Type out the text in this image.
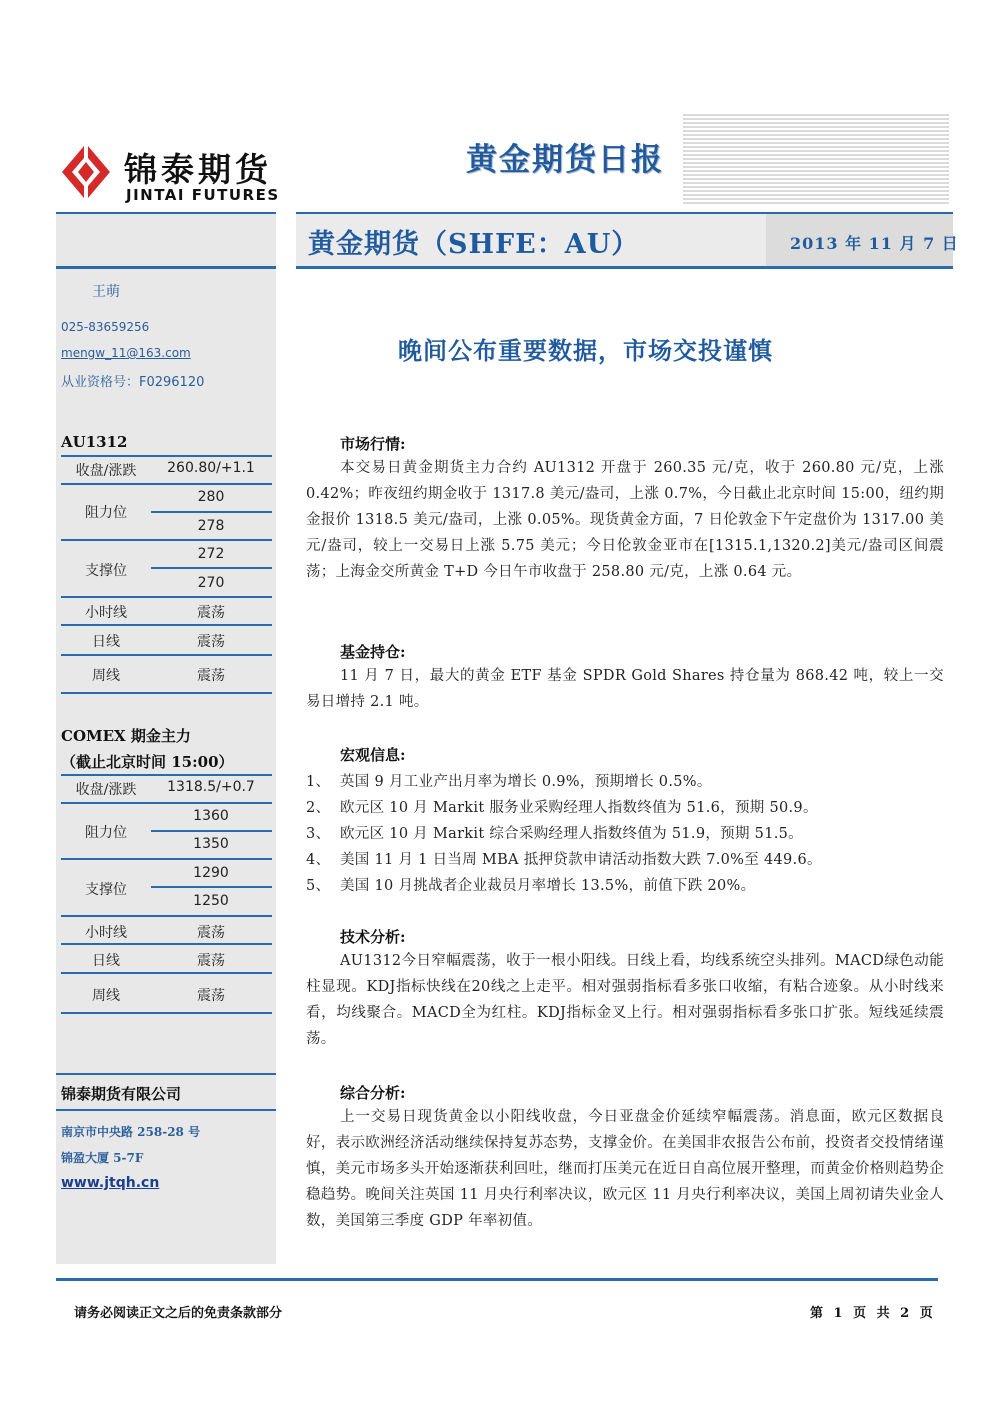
锦泰期货
JINTAI FUTURES
黄金期货日报
黄金期货（SHFE：AU）	2013 年 11 月 7 日
王萌
025-83659256
mengw_11@163.com
从业资格号：F0296120
AU1312
收盘/涨跌	260.80/+1.1
阻力位
280
278
支撑位
272
270
小时线	震荡
日线	震荡
周线	震荡
COMEX 期金主力
（截止北京时间 15:00）
收盘/涨跌	1318.5/+0.7
阻力位
1360
1350
支撑位
1290
1250
小时线	震荡
日线	震荡
周线	震荡
锦泰期货有限公司
南京市中央路 258-28 号
锦盈大厦 5-7F
www.jtqh.cn
晚间公布重要数据，市场交投谨慎
市场行情:
本交易日黄金期货主力合约 AU1312 开盘于 260.35 元/克，收于 260.80 元/克，上涨 0.42%；昨夜纽约期金收于 1317.8 美元/盎司，上涨 0.7%，今日截止北京时间 15:00，纽约期金报价 1318.5 美元/盎司，上涨 0.05%。现货黄金方面，7 日伦敦金下午定盘价为 1317.00 美元/盎司，较上一交易日上涨 5.75 美元；今日伦敦金亚市在[1315.1,1320.2]美元/盎司区间震荡；上海金交所黄金 T+D 今日午市收盘于 258.80 元/克，上涨 0.64 元。
基金持仓:
11 月 7 日，最大的黄金 ETF 基金 SPDR Gold Shares 持仓量为 868.42 吨，较上一交易日增持 2.1 吨。
宏观信息:
1、 英国 9 月工业产出月率为增长 0.9%，预期增长 0.5%。
2、 欧元区 10 月 Markit 服务业采购经理人指数终值为 51.6，预期 50.9。
3、 欧元区 10 月 Markit 综合采购经理人指数终值为 51.9，预期 51.5。
4、 美国 11 月 1 日当周 MBA 抵押贷款申请活动指数大跌 7.0%至 449.6。
5、 美国 10 月挑战者企业裁员月率增长 13.5%，前值下跌 20%。
技术分析:
AU1312今日窄幅震荡，收于一根小阳线。日线上看，均线系统空头排列。MACD绿色动能柱显现。KDJ指标快线在20线之上走平。相对强弱指标看多张口收缩，有粘合迹象。从小时线来看，均线聚合。MACD全为红柱。KDJ指标金叉上行。相对强弱指标看多张口扩张。短线延续震荡。
综合分析:
上一交易日现货黄金以小阳线收盘，今日亚盘金价延续窄幅震荡。消息面，欧元区数据良好，表示欧洲经济活动继续保持复苏态势，支撑金价。在美国非农报告公布前，投资者交投情绪谨慎，美元市场多头开始逐渐获利回吐，继而打压美元在近日自高位展开整理，而黄金价格则趋势企稳趋势。晚间关注英国 11 月央行利率决议，欧元区 11 月央行利率决议，美国上周初请失业金人数，美国第三季度 GDP 年率初值。
请务必阅读正文之后的免责条款部分	第 1 页 共 2 页
